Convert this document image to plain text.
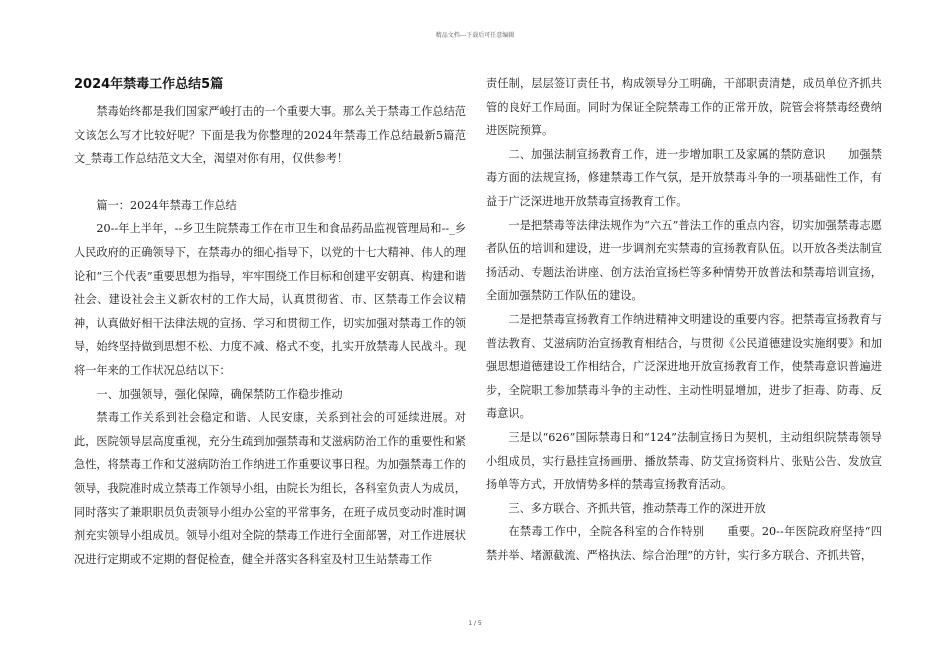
精品文档---下载后可任意编辑
2024年禁毒工作总结5篇

禁毒始终都是我们国家严峻打击的一个重要大事。那么关于禁毒工作总结范文该怎么写才比较好呢？下面是我为你整理的2024年禁毒工作总结最新5篇范文_禁毒工作总结范文大全，渴望对你有用，仅供参考！

篇一：2024年禁毒工作总结

20--年上半年，--乡卫生院禁毒工作在市卫生和食品药品监视管理局和--_乡人民政府的正确领导下，在禁毒办的细心指导下，以党的十七大精神、伟人的理论和“三个代表”重要思想为指导，牢牢围绕工作目标和创建平安朝真、构建和谐社会、建设社会主义新农村的工作大局，认真贯彻省、市、区禁毒工作会议精神，认真做好相干法律法规的宣扬、学习和贯彻工作，切实加强对禁毒工作的领导，始终坚持做到思想不松、力度不减、格式不变，扎实开放禁毒人民战斗。现将一年来的工作状况总结以下：

一、加强领导，强化保障，确保禁防工作稳步推动

禁毒工作关系到社会稳定和谐、人民安康，关系到社会的可延续进展。对此，医院领导层高度重视，充分生疏到加强禁毒和艾滋病防治工作的重要性和紧急性，将禁毒工作和艾滋病防治工作纳进工作重要议事日程。为加强禁毒工作的领导，我院准时成立禁毒工作领导小组，由院长为组长，各科室负责人为成员，同时落实了兼职职员负责领导小组办公室的平常事务，在班子成员变动时准时调剂充实领导小组成员。领导小组对全院的禁毒工作进行全面部署，对工作进展状况进行定期或不定期的督促检查，健全并落实各科室及村卫生站禁毒工作

责任制，层层签订责任书，构成领导分工明确，干部职责清楚，成员单位齐抓共管的良好工作局面。同时为保证全院禁毒工作的正常开放，院管会将禁毒经费纳进医院预算。

二、加强法制宣扬教育工作，进一步增加职工及家属的禁防意识　　加强禁毒方面的法规宣扬，修建禁毒工作气氛，是开放禁毒斗争的一项基础性工作，有益于广泛深进地开放禁毒宣扬教育工作。

一是把禁毒等法律法规作为“六五”普法工作的重点内容，切实加强禁毒志愿者队伍的培训和建设，进一步调剂充实禁毒的宣扬教育队伍。以开放各类法制宣扬活动、专题法治讲座、创方法治宣扬栏等多种情势开放普法和禁毒培训宣扬，全面加强禁防工作队伍的建设。

二是把禁毒宣扬教育工作纳进精神文明建设的重要内容。把禁毒宣扬教育与普法教育、艾滋病防治宣扬教育相结合，与贯彻《公民道德建设实施纲要》和加强思想道德建设工作相结合，广泛深进地开放宣扬教育工作，使禁毒意识普遍进步，全院职工参加禁毒斗争的主动性、主动性明显增加，进步了拒毒、防毒、反毒意识。

三是以“626”国际禁毒日和“124”法制宣扬日为契机，主动组织院禁毒领导小组成员，实行悬挂宣扬画册、播放禁毒、防艾宣扬资料片、张贴公告、发放宣扬单等方式，开放情势多样的禁毒宣扬教育活动。

三、多方联合、齐抓共管，推动禁毒工作的深进开放

在禁毒工作中，全院各科室的合作特别　　重要。20--年医院政府坚持“四禁并举、堵源截流、严格执法、综合治理”的方针，实行多方联合、齐抓共管，

1 / 5
